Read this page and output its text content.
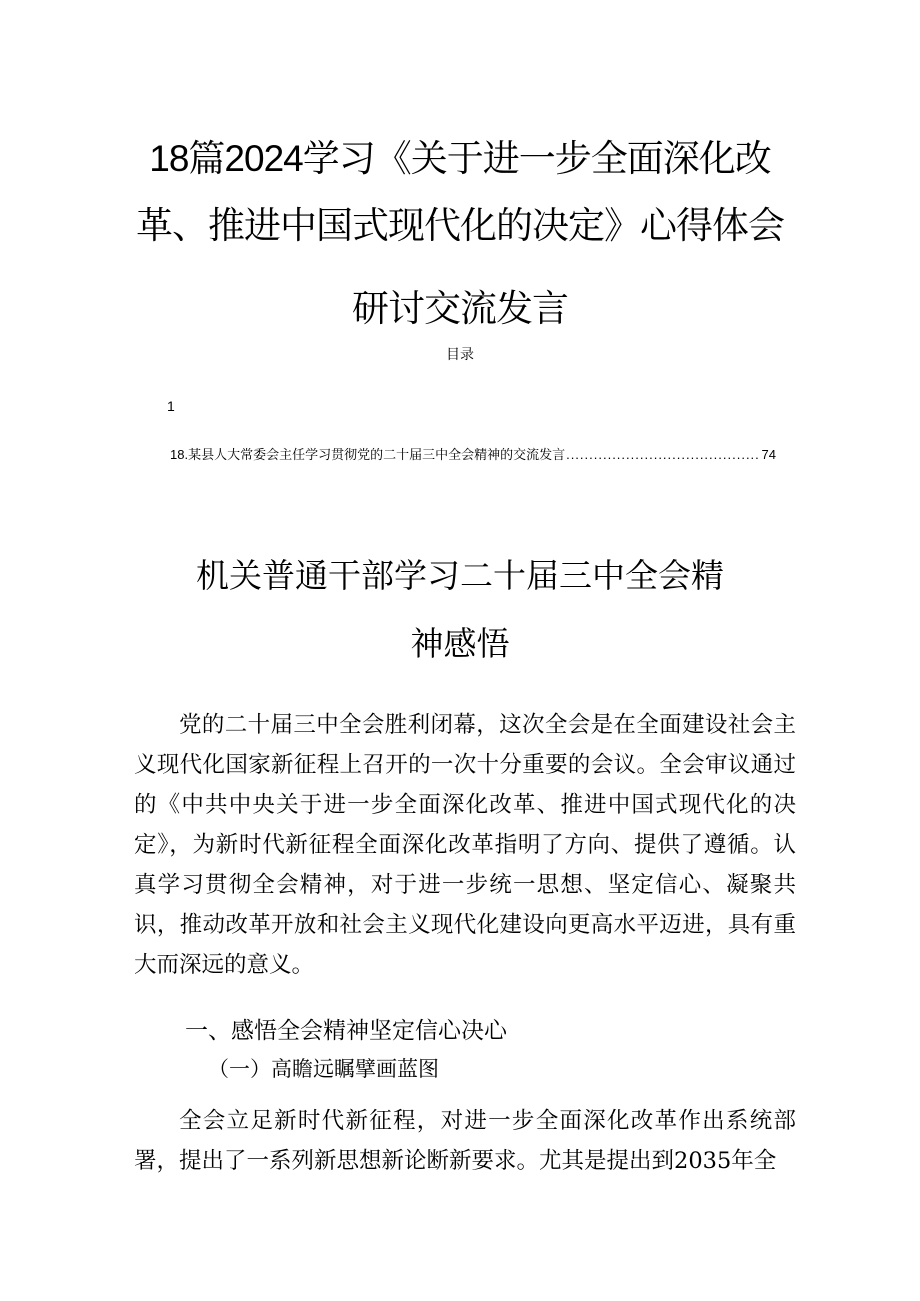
18篇2024学习《关于进一步全面深化改
革、推进中国式现代化的决定》心得体会
研讨交流发言
目录
1
18.某县人大常委会主任学习贯彻党的二十届三中全会精神的交流发言 .......................................... 74
机关普通干部学习二十届三中全会精
神感悟

党的二十届三中全会胜利闭幕，这次全会是在全面建设社会主义现代化国家新征程上召开的一次十分重要的会议。全会审议通过的《中共中央关于进一步全面深化改革、推进中国式现代化的决定》，为新时代新征程全面深化改革指明了方向、提供了遵循。认真学习贯彻全会精神，对于进一步统一思想、坚定信心、凝聚共识，推动改革开放和社会主义现代化建设向更高水平迈进，具有重大而深远的意义。

一、感悟全会精神坚定信心决心
（一）高瞻远瞩擘画蓝图

全会立足新时代新征程，对进一步全面深化改革作出系统部署，提出了一系列新思想新论断新要求。尤其是提出到2035年全
